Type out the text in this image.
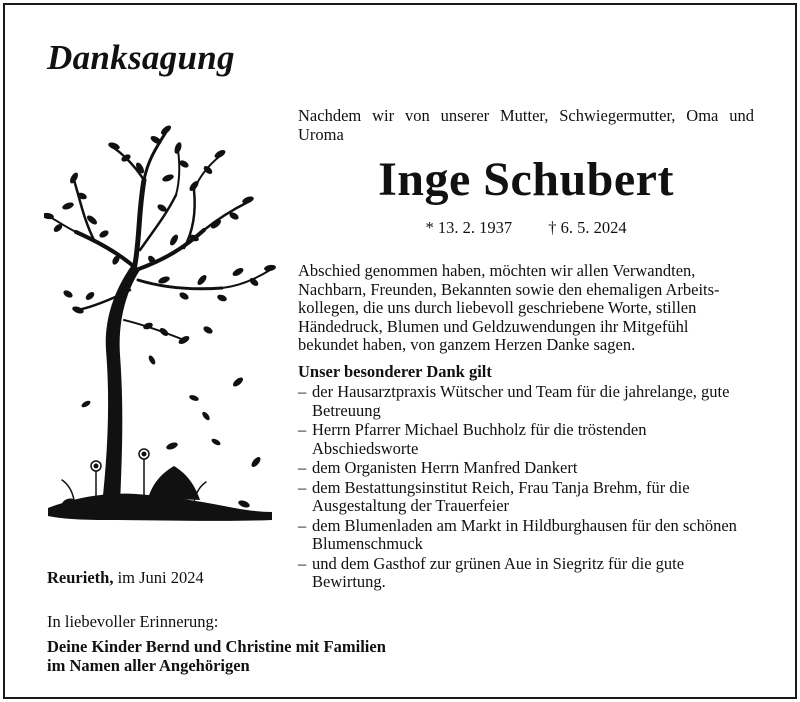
Danksagung
Nachdem wir von unserer Mutter, Schwiegermutter, Oma und Uroma
Inge Schubert
* 13. 2. 1937 † 6. 5. 2024
Abschied genommen haben, möchten wir allen Verwandten,
Nachbarn, Freunden, Bekannten sowie den ehemaligen Arbeits-
kollegen, die uns durch liebevoll geschriebene Worte, stillen
Händedruck, Blumen und Geldzuwendungen ihr Mitgefühl
bekundet haben, von ganzem Herzen Danke sagen.
Unser besonderer Dank gilt
– der Hausarztpraxis Wütscher und Team für die jahrelange, gute Betreuung
– Herrn Pfarrer Michael Buchholz für die tröstenden Abschiedsworte
– dem Organisten Herrn Manfred Dankert
– dem Bestattungsinstitut Reich, Frau Tanja Brehm, für die Ausgestaltung der Trauerfeier
– dem Blumenladen am Markt in Hildburghausen für den schönen Blumenschmuck
– und dem Gasthof zur grünen Aue in Siegritz für die gute Bewirtung.
Reurieth, im Juni 2024
In liebevoller Erinnerung:
Deine Kinder Bernd und Christine mit Familien
im Namen aller Angehörigen
